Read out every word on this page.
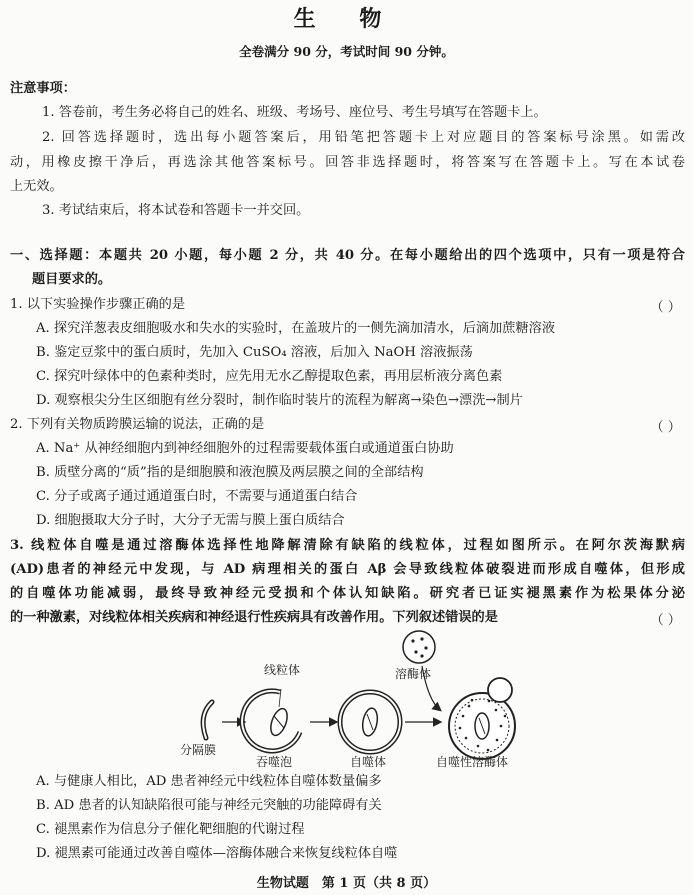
生 物
全卷满分 90 分，考试时间 90 分钟。
注意事项：
1. 答卷前，考生务必将自己的姓名、班级、考场号、座位号、考生号填写在答题卡上。
2. 回答选择题时，选出每小题答案后，用铅笔把答题卡上对应题目的答案标号涂黑。如需改
动，用橡皮擦干净后，再选涂其他答案标号。回答非选择题时，将答案写在答题卡上。写在本试卷
上无效。
3. 考试结束后，将本试卷和答题卡一并交回。
一、选择题：本题共 20 小题，每小题 2 分，共 40 分。在每小题给出的四个选项中，只有一项是符合
题目要求的。
1. 以下实验操作步骤正确的是	（ ）
A. 探究洋葱表皮细胞吸水和失水的实验时，在盖玻片的一侧先滴加清水，后滴加蔗糖溶液
B. 鉴定豆浆中的蛋白质时，先加入 CuSO₄ 溶液，后加入 NaOH 溶液振荡
C. 探究叶绿体中的色素种类时，应先用无水乙醇提取色素，再用层析液分离色素
D. 观察根尖分生区细胞有丝分裂时，制作临时装片的流程为解离→染色→漂洗→制片
2. 下列有关物质跨膜运输的说法，正确的是	（ ）
A. Na⁺ 从神经细胞内到神经细胞外的过程需要载体蛋白或通道蛋白协助
B. 质壁分离的“质”指的是细胞膜和液泡膜及两层膜之间的全部结构
C. 分子或离子通过通道蛋白时，不需要与通道蛋白结合
D. 细胞摄取大分子时，大分子无需与膜上蛋白质结合
3. 线粒体自噬是通过溶酶体选择性地降解清除有缺陷的线粒体，过程如图所示。在阿尔茨海默病
(AD)患者的神经元中发现，与 AD 病理相关的蛋白 Aβ 会导致线粒体破裂进而形成自噬体，但形成
的自噬体功能减弱，最终导致神经元受损和个体认知缺陷。研究者已证实褪黑素作为松果体分泌
的一种激素，对线粒体相关疾病和神经退行性疾病具有改善作用。下列叙述错误的是	（ ）
线粒体	溶酶体
分隔膜
吞噬泡	自噬体	自噬性溶酶体
A. 与健康人相比，AD 患者神经元中线粒体自噬体数量偏多
B. AD 患者的认知缺陷很可能与神经元突触的功能障碍有关
C. 褪黑素作为信息分子催化靶细胞的代谢过程
D. 褪黑素可能通过改善自噬体—溶酶体融合来恢复线粒体自噬
生物试题　第 1 页（共 8 页）
